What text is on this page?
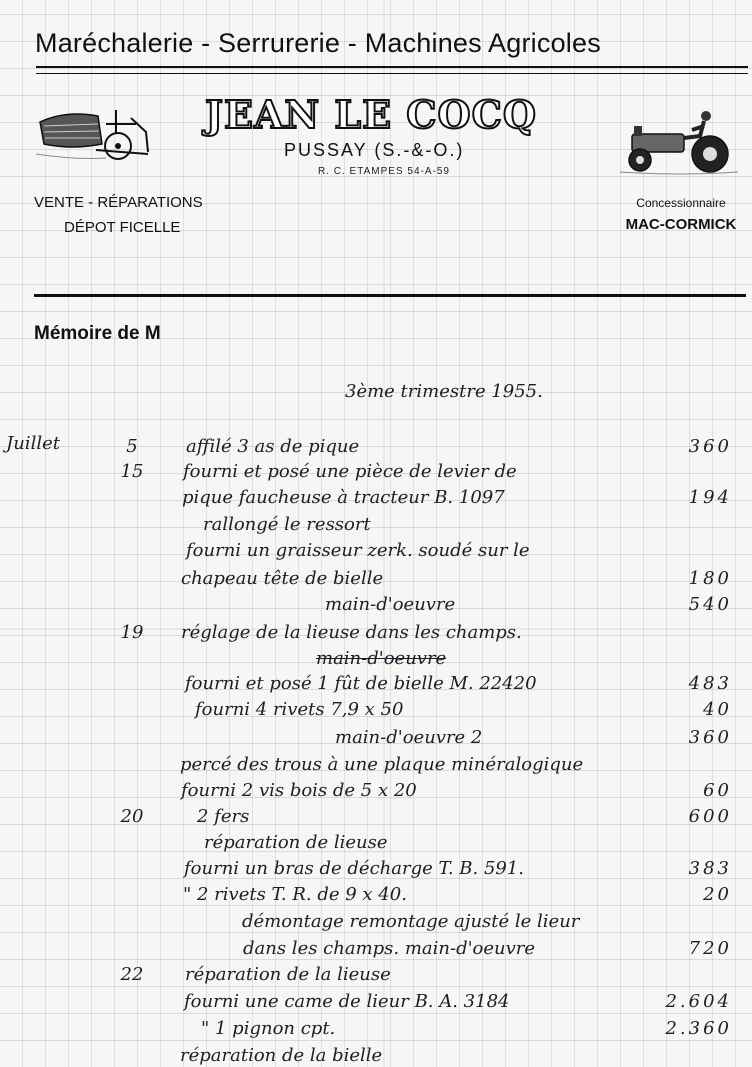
Maréchalerie - Serrurerie - Machines Agricoles
JEAN LE COCQ
PUSSAY (S.-&-O.)
R. C. ETAMPES 54-A-59
VENTE - RÉPARATIONS
DÉPOT FICELLE
Concessionnaire
MAC-CORMICK
Mémoire de M
3ème trimestre 1955.
Juillet	5	affilé 3 as de pique	360
15	fourni et posé une pièce de levier de
pique faucheuse à tracteur B. 1097	194
rallongé le ressort
fourni un graisseur zerk. soudé sur le
chapeau tête de bielle	180
main-d'oeuvre	540
19	réglage de la lieuse dans les champs.
main-d'oeuvre
fourni et posé 1 fût de bielle M. 22420	483
fourni 4 rivets 7,9 x 50	40
main-d'oeuvre 2	360
percé des trous à une plaque minéralogique
fourni 2 vis bois de 5 x 20	60
20	2 fers	600
réparation de lieuse
fourni un bras de décharge T. B. 591.	383
" 2 rivets T. R. de 9 x 40.	20
démontage remontage ajusté le lieur
dans les champs. main-d'oeuvre	720
22	réparation de la lieuse
fourni une came de lieur B. A. 3184	2.604
" 1 pignon cpt.	2.360
réparation de la bielle
